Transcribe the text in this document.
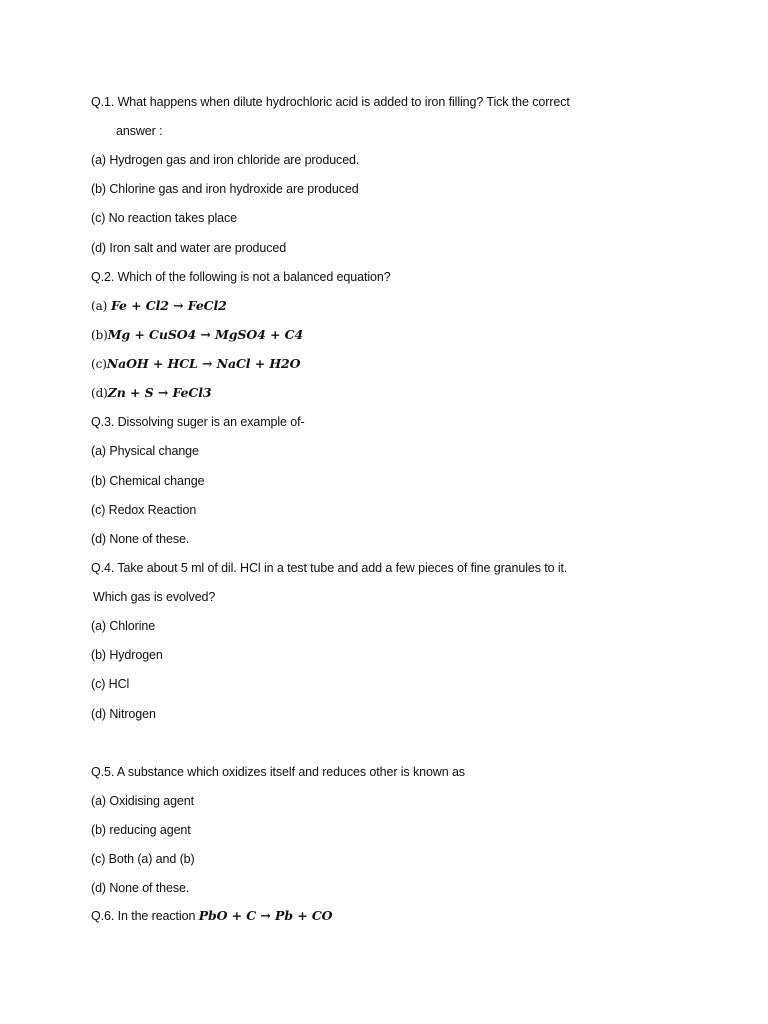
Q.1. What happens when dilute hydrochloric acid is added to iron filling? Tick the correct
answer :
(a) Hydrogen gas and iron chloride are produced.
(b) Chlorine gas and iron hydroxide are produced
(c) No reaction takes place
(d) Iron salt and water are produced
Q.2. Which of the following is not a balanced equation?
(a) Fe + Cl2 → FeCl2
(b)Mg + CuSO4 → MgSO4 + C4
(c)NaOH + HCL → NaCl + H2O
(d)Zn + S → FeCl3
Q.3. Dissolving suger is an example of-
(a) Physical change
(b) Chemical change
(c) Redox Reaction
(d) None of these.
Q.4. Take about 5 ml of dil. HCl in a test tube and add a few pieces of fine granules to it.
Which gas is evolved?
(a) Chlorine
(b) Hydrogen
(c) HCl
(d) Nitrogen
Q.5. A substance which oxidizes itself and reduces other is known as
(a) Oxidising agent
(b) reducing agent
(c) Both (a) and (b)
(d) None of these.
Q.6. In the reaction PbO + C → Pb + CO
